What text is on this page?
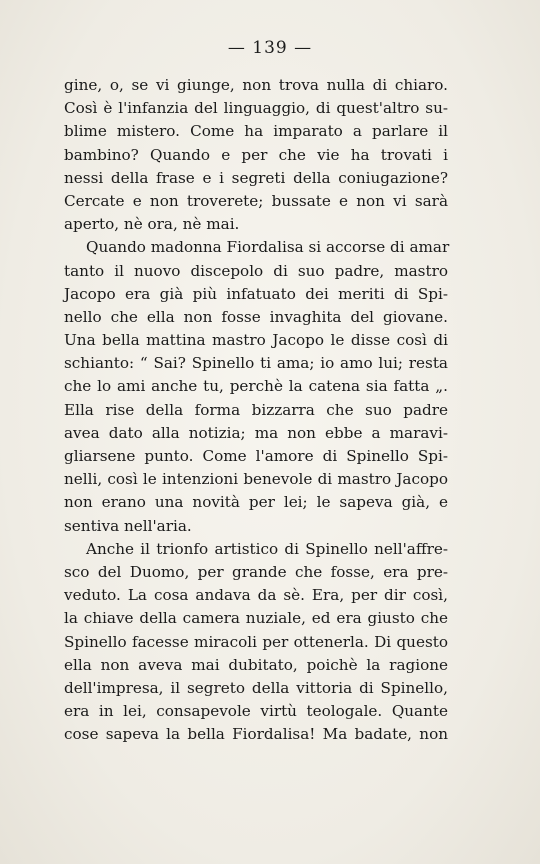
— 139 —
gine, o, se vi giunge, non trova nulla di chiaro.
Così è l'infanzia del linguaggio, di quest'altro su-
blime mistero. Come ha imparato a parlare il
bambino? Quando e per che vie ha trovati i
nessi della frase e i segreti della coniugazione?
Cercate e non troverete; bussate e non vi sarà
aperto, nè ora, nè mai.
Quando madonna Fiordalisa si accorse di amar
tanto il nuovo discepolo di suo padre, mastro
Jacopo era già più infatuato dei meriti di Spi-
nello che ella non fosse invaghita del giovane.
Una bella mattina mastro Jacopo le disse così di
schianto: “ Sai? Spinello ti ama; io amo lui; resta
che lo ami anche tu, perchè la catena sia fatta „.
Ella rise della forma bizzarra che suo padre
avea dato alla notizia; ma non ebbe a maravi-
gliarsene punto. Come l'amore di Spinello Spi-
nelli, così le intenzioni benevole di mastro Jacopo
non erano una novità per lei; le sapeva già, e
sentiva nell'aria.
Anche il trionfo artistico di Spinello nell'affre-
sco del Duomo, per grande che fosse, era pre-
veduto. La cosa andava da sè. Era, per dir così,
la chiave della camera nuziale, ed era giusto che
Spinello facesse miracoli per ottenerla. Di questo
ella non aveva mai dubitato, poichè la ragione
dell'impresa, il segreto della vittoria di Spinello,
era in lei, consapevole virtù teologale. Quante
cose sapeva la bella Fiordalisa! Ma badate, non
